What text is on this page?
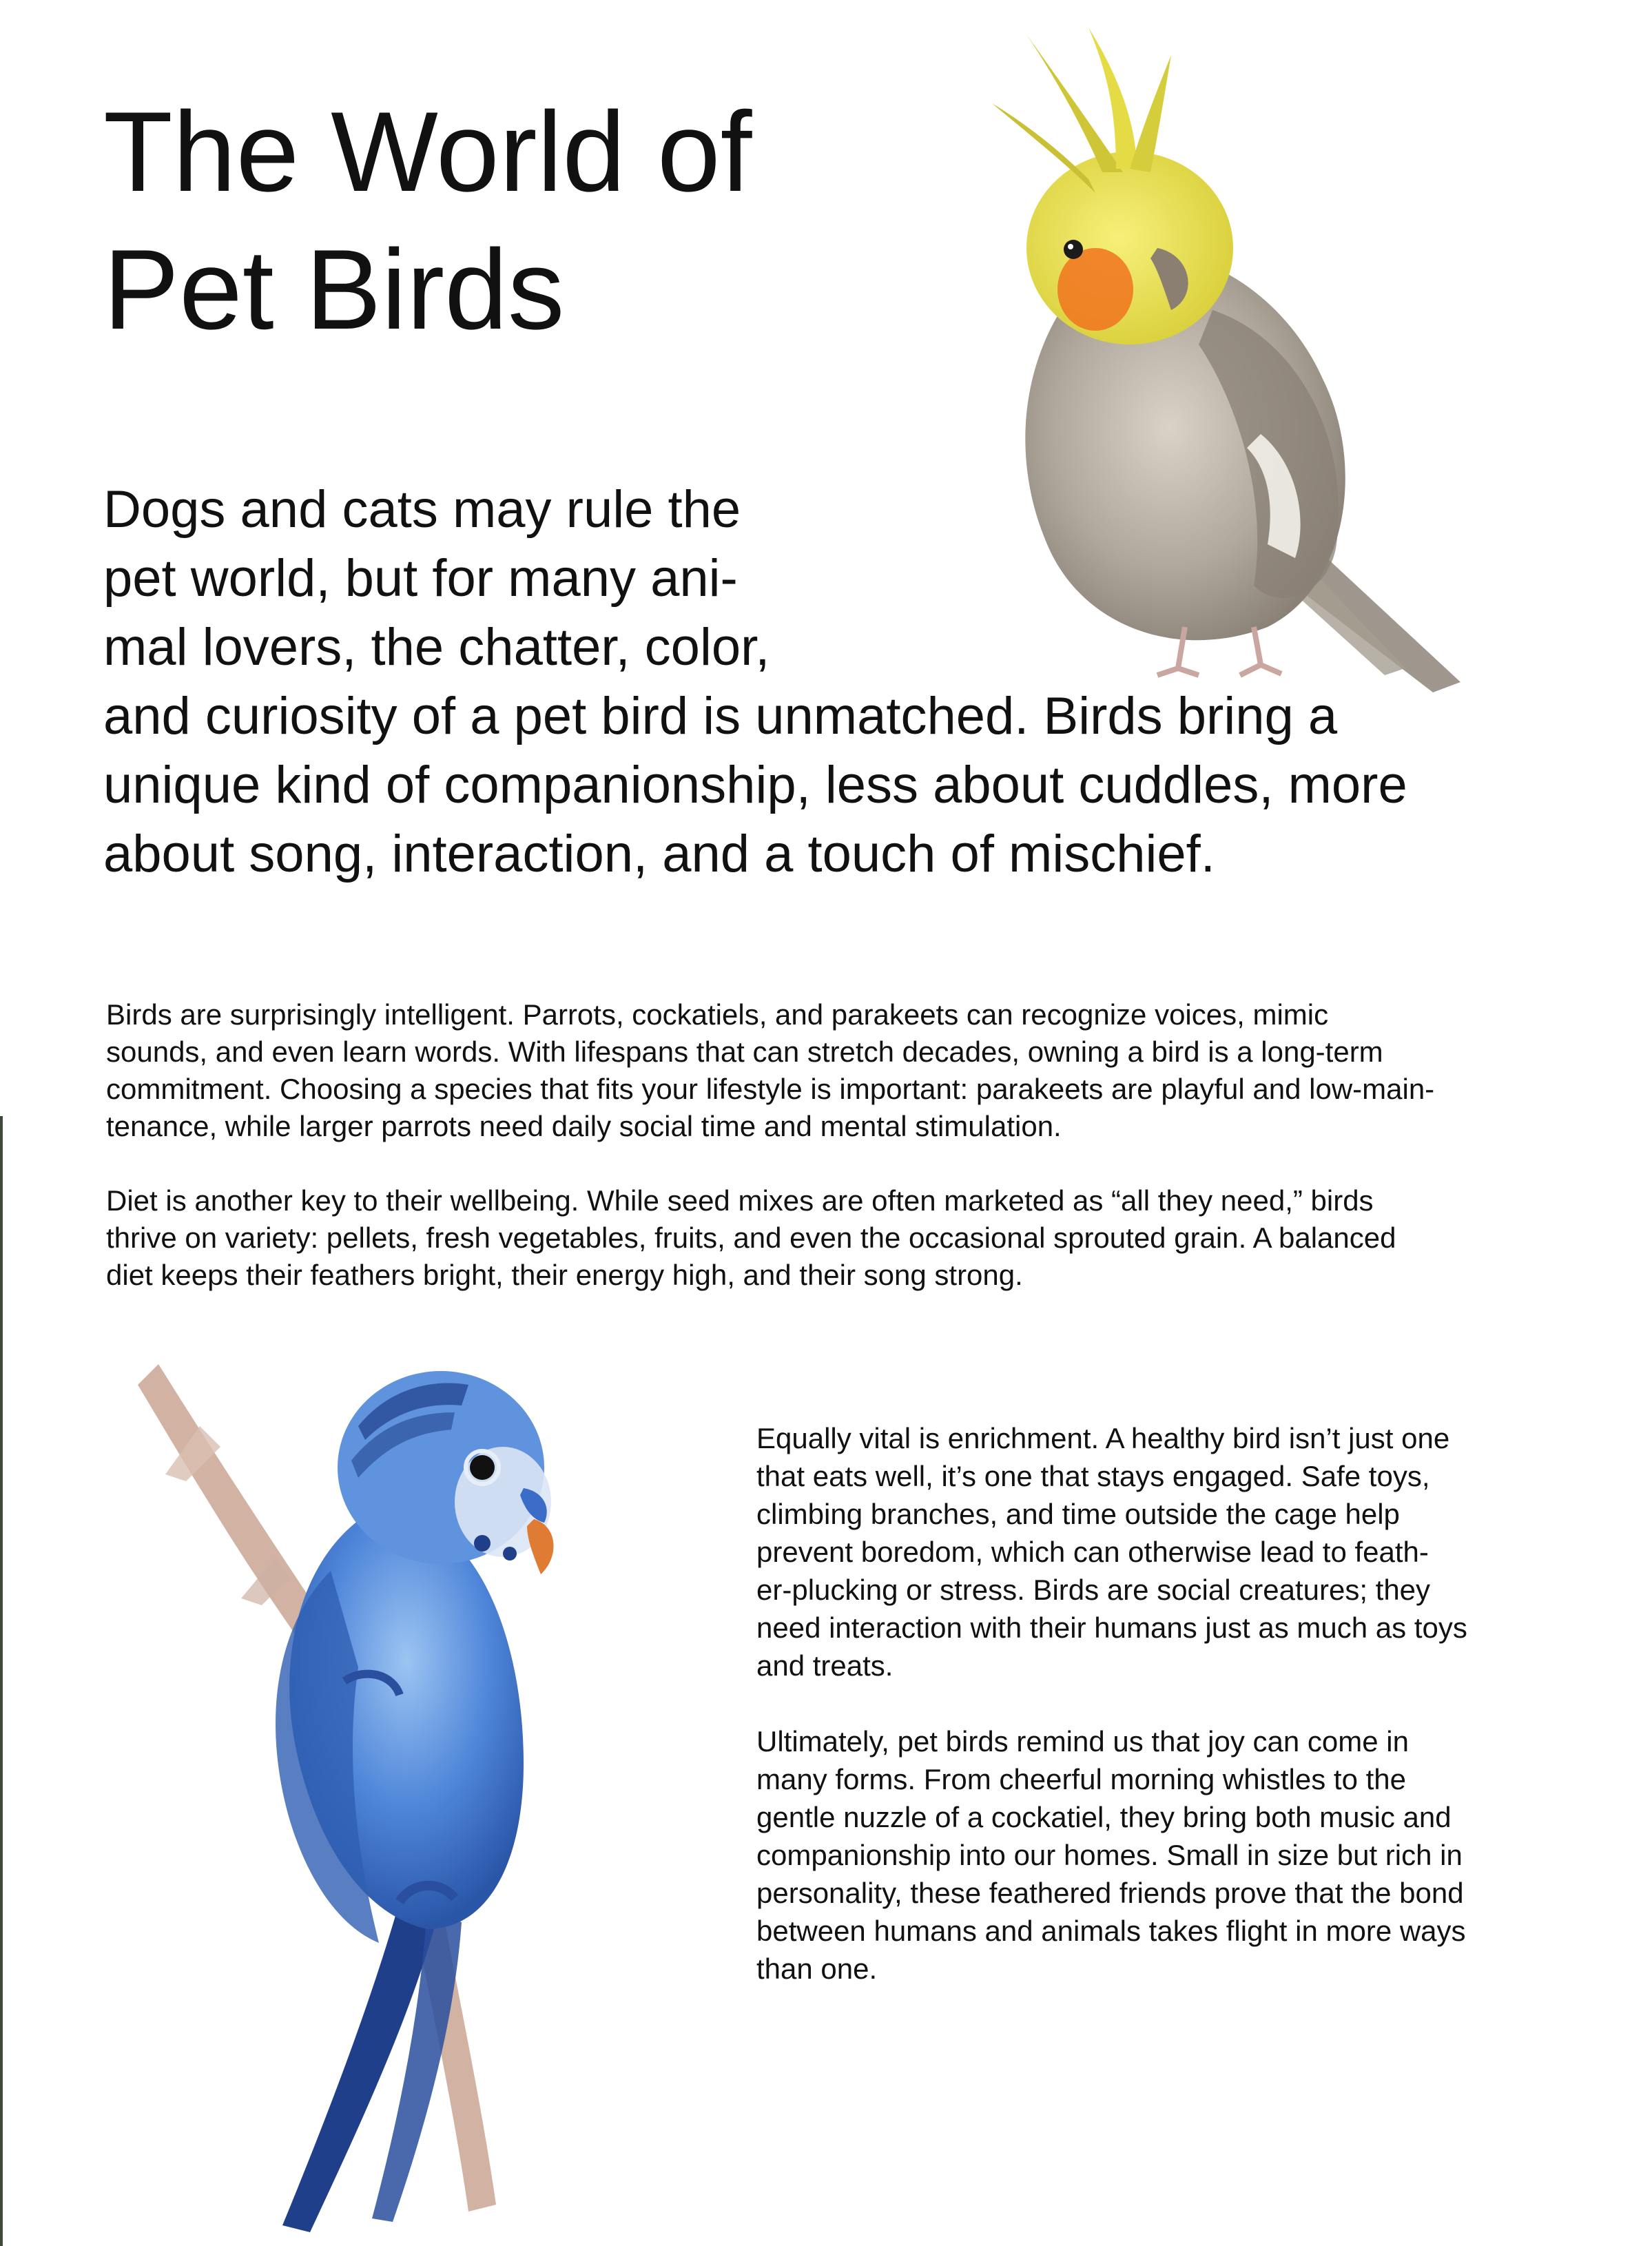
The World of
Pet Birds
Dogs and cats may rule the
pet world, but for many ani-
mal lovers, the chatter, color,
and curiosity of a pet bird is unmatched. Birds bring a
unique kind of companionship, less about cuddles, more
about song, interaction, and a touch of mischief.

Birds are surprisingly intelligent. Parrots, cockatiels, and parakeets can recognize voices, mimic
sounds, and even learn words. With lifespans that can stretch decades, owning a bird is a long-term
commitment. Choosing a species that fits your lifestyle is important: parakeets are playful and low-main-
tenance, while larger parrots need daily social time and mental stimulation.

Diet is another key to their wellbeing. While seed mixes are often marketed as “all they need,” birds
thrive on variety: pellets, fresh vegetables, fruits, and even the occasional sprouted grain. A balanced
diet keeps their feathers bright, their energy high, and their song strong.

Equally vital is enrichment. A healthy bird isn’t just one
that eats well, it’s one that stays engaged. Safe toys,
climbing branches, and time outside the cage help
prevent boredom, which can otherwise lead to feath-
er-plucking or stress. Birds are social creatures; they
need interaction with their humans just as much as toys
and treats.

Ultimately, pet birds remind us that joy can come in
many forms. From cheerful morning whistles to the
gentle nuzzle of a cockatiel, they bring both music and
companionship into our homes. Small in size but rich in
personality, these feathered friends prove that the bond
between humans and animals takes flight in more ways
than one.
